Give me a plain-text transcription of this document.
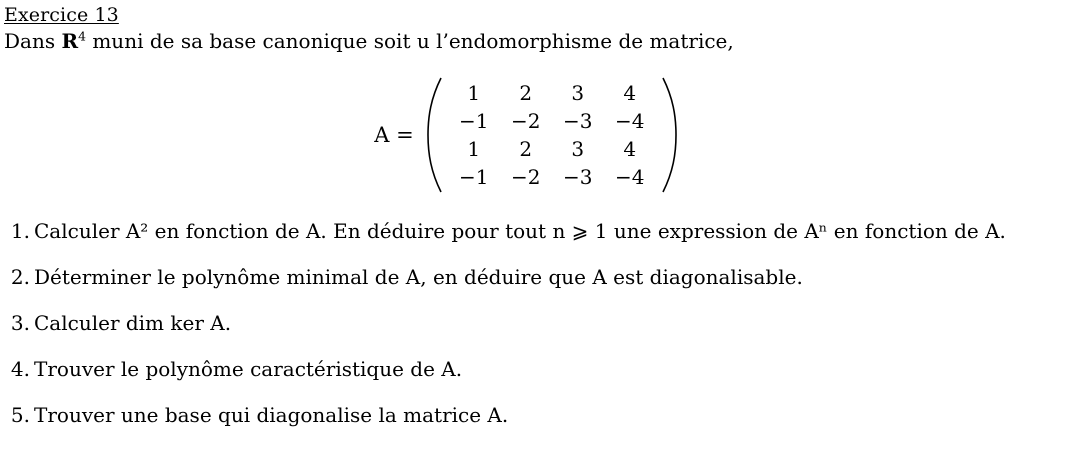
Exercice 13

Dans $R^4$ muni de sa base canonique soit u l’endomorphisme de matrice,

A =
1	2	3	4
−1	−2	−3	−4
1	2	3	4
−1	−2	−3	−4
1. Calculer A² en fonction de A. En déduire pour tout n ⩾ 1 une expression de Aⁿ en fonction de A.
2. Déterminer le polynôme minimal de A, en déduire que A est diagonalisable.
3. Calculer dim ker A.
4. Trouver le polynôme caractéristique de A.
5. Trouver une base qui diagonalise la matrice A.
